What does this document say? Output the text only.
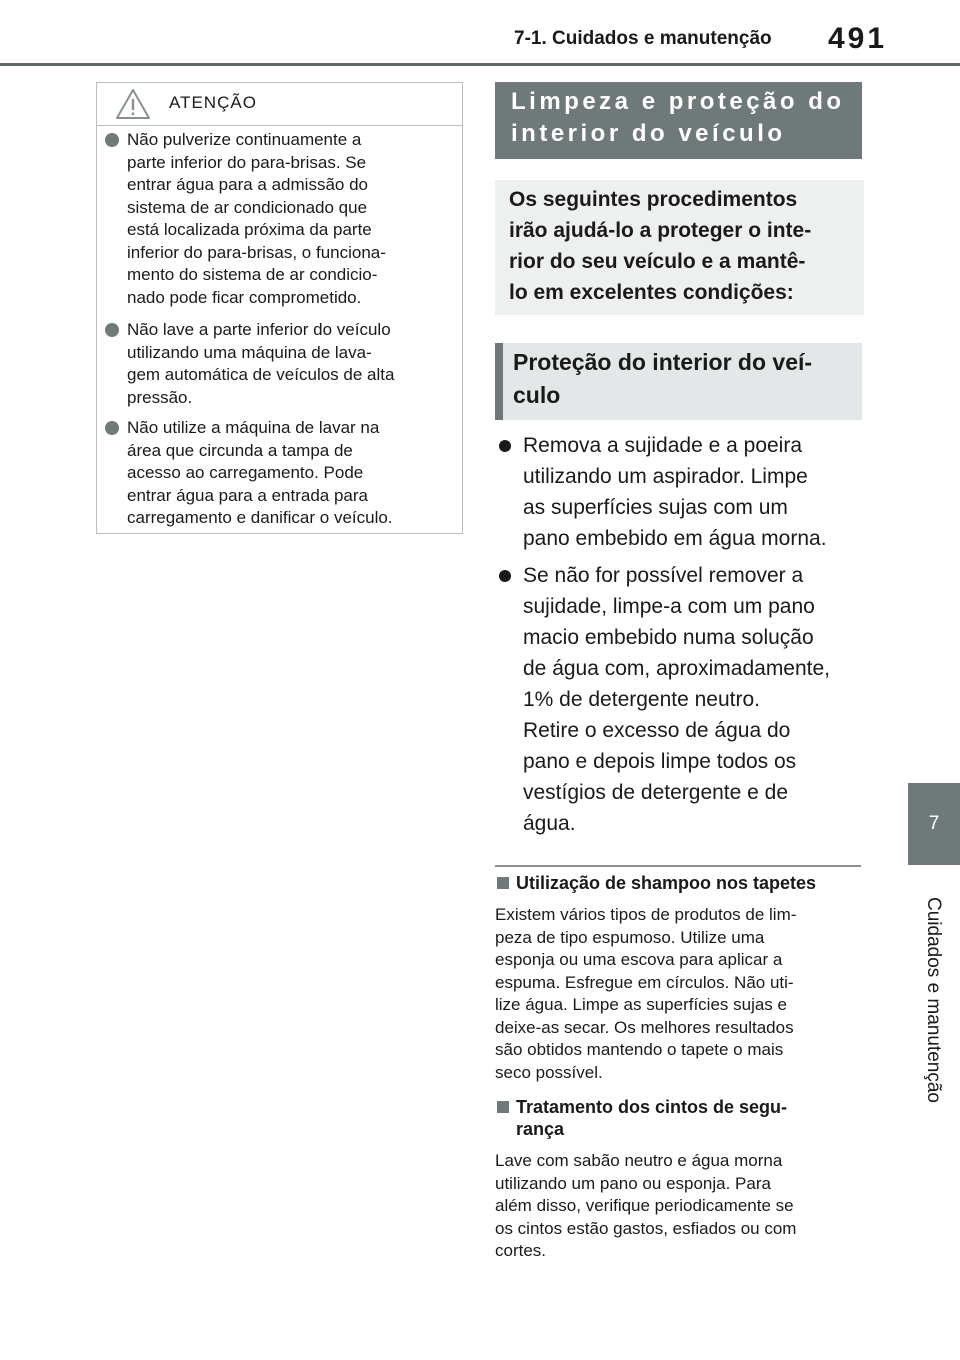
7-1. Cuidados e manutenção 491
7
Cuidados e manutenção
ATENÇÃO
Não pulverize continuamente a
parte inferior do para-brisas. Se
entrar água para a admissão do
sistema de ar condicionado que
está localizada próxima da parte
inferior do para-brisas, o funciona-
mento do sistema de ar condicio-
nado pode ficar comprometido.
Não lave a parte inferior do veículo
utilizando uma máquina de lava-
gem automática de veículos de alta
pressão.
Não utilize a máquina de lavar na
área que circunda a tampa de
acesso ao carregamento. Pode
entrar água para a entrada para
carregamento e danificar o veículo.
Limpeza e proteção do
interior do veículo
Os seguintes procedimentos
irão ajudá-lo a proteger o inte-
rior do seu veículo e a mantê-
lo em excelentes condições:
Proteção do interior do veí-
culo
Remova a sujidade e a poeira
utilizando um aspirador. Limpe
as superfícies sujas com um
pano embebido em água morna.
Se não for possível remover a
sujidade, limpe-a com um pano
macio embebido numa solução
de água com, aproximadamente,
1% de detergente neutro.
Retire o excesso de água do
pano e depois limpe todos os
vestígios de detergente e de
água.
Utilização de shampoo nos tapetes
Existem vários tipos de produtos de lim-
peza de tipo espumoso. Utilize uma
esponja ou uma escova para aplicar a
espuma. Esfregue em círculos. Não uti-
lize água. Limpe as superfícies sujas e
deixe-as secar. Os melhores resultados
são obtidos mantendo o tapete o mais
seco possível.
Tratamento dos cintos de segu-
rança
Lave com sabão neutro e água morna
utilizando um pano ou esponja. Para
além disso, verifique periodicamente se
os cintos estão gastos, esfiados ou com
cortes.
